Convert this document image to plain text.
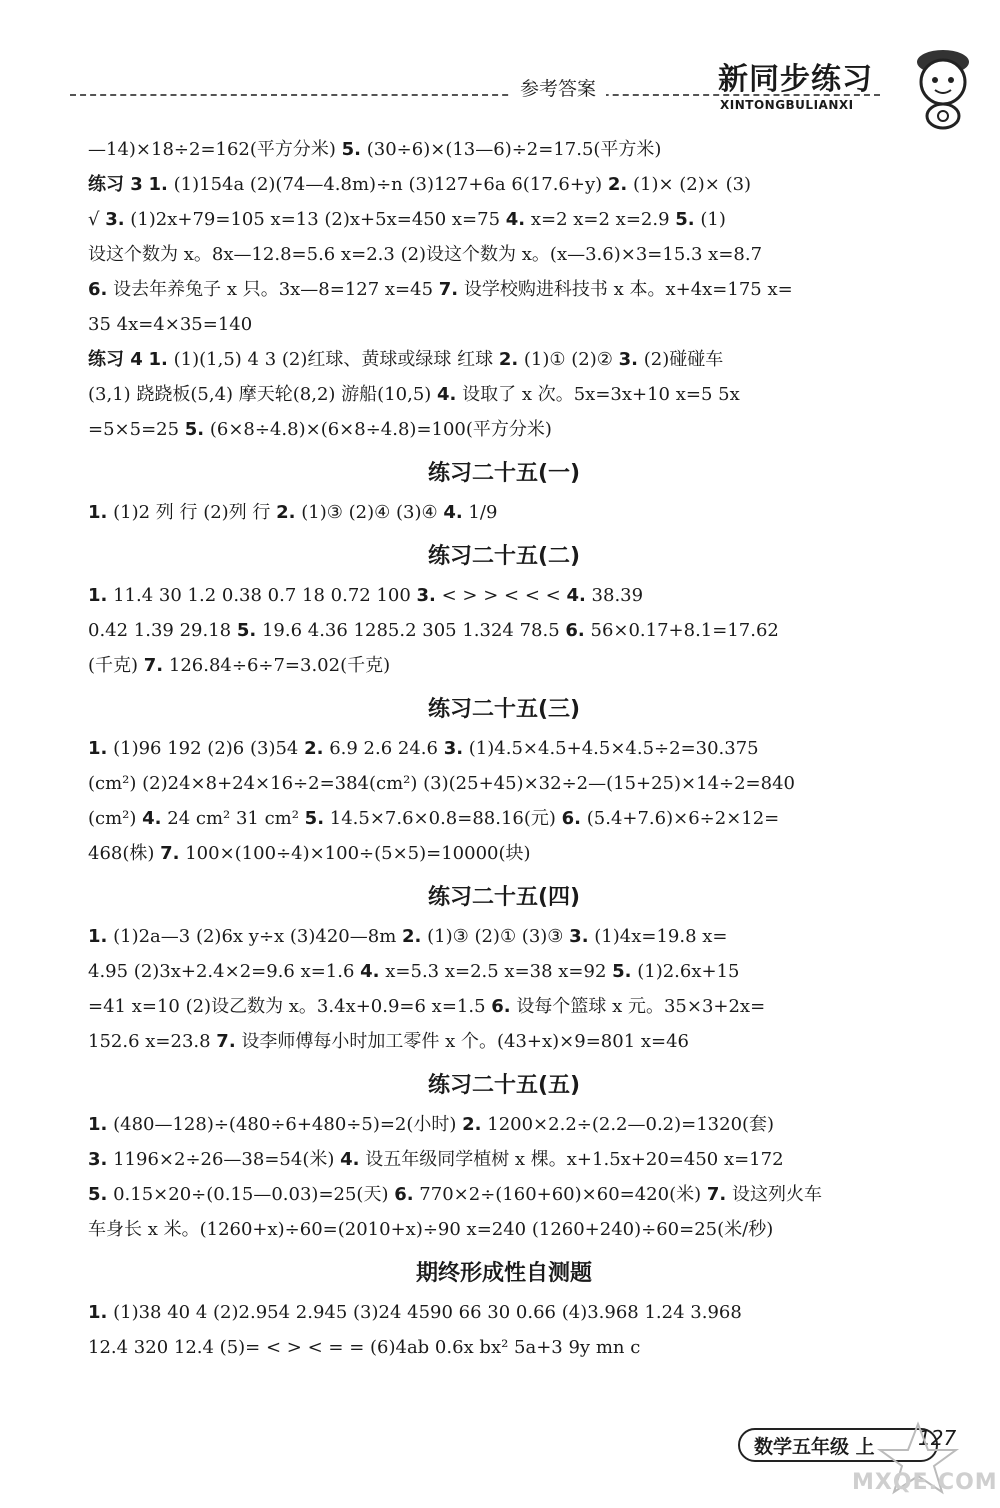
参考答案	新同步练习
XINTONGBULIANXI
—14)×18÷2=162(平方分米) 5. (30÷6)×(13—6)÷2=17.5(平方米)
练习 3 1. (1)154a (2)(74—4.8m)÷n (3)127+6a 6(17.6+y) 2. (1)× (2)× (3)
√ 3. (1)2x+79=105 x=13 (2)x+5x=450 x=75 4. x=2 x=2 x=2.9 5. (1)
设这个数为 x。8x—12.8=5.6 x=2.3 (2)设这个数为 x。(x—3.6)×3=15.3 x=8.7
6. 设去年养兔子 x 只。3x—8=127 x=45 7. 设学校购进科技书 x 本。x+4x=175 x=
35 4x=4×35=140
练习 4 1. (1)(1,5) 4 3 (2)红球、黄球或绿球 红球 2. (1)① (2)② 3. (2)碰碰车
(3,1) 跷跷板(5,4) 摩天轮(8,2) 游船(10,5) 4. 设取了 x 次。5x=3x+10 x=5 5x
=5×5=25 5. (6×8÷4.8)×(6×8÷4.8)=100(平方分米)
练习二十五(一)
1. (1)2 列 行 (2)列 行 2. (1)③ (2)④ (3)④ 4. 1/9
练习二十五(二)
1. 11.4 30 1.2 0.38 0.7 18 0.72 100 3. < > > < < < 4. 38.39
0.42 1.39 29.18 5. 19.6 4.36 1285.2 305 1.324 78.5 6. 56×0.17+8.1=17.62
(千克) 7. 126.84÷6÷7=3.02(千克)
练习二十五(三)
1. (1)96 192 (2)6 (3)54 2. 6.9 2.6 24.6 3. (1)4.5×4.5+4.5×4.5÷2=30.375
(cm²) (2)24×8+24×16÷2=384(cm²) (3)(25+45)×32÷2—(15+25)×14÷2=840
(cm²) 4. 24 cm² 31 cm² 5. 14.5×7.6×0.8=88.16(元) 6. (5.4+7.6)×6÷2×12=
468(株) 7. 100×(100÷4)×100÷(5×5)=10000(块)
练习二十五(四)
1. (1)2a—3 (2)6x y÷x (3)420—8m 2. (1)③ (2)① (3)③ 3. (1)4x=19.8 x=
4.95 (2)3x+2.4×2=9.6 x=1.6 4. x=5.3 x=2.5 x=38 x=92 5. (1)2.6x+15
=41 x=10 (2)设乙数为 x。3.4x+0.9=6 x=1.5 6. 设每个篮球 x 元。35×3+2x=
152.6 x=23.8 7. 设李师傅每小时加工零件 x 个。(43+x)×9=801 x=46
练习二十五(五)
1. (480—128)÷(480÷6+480÷5)=2(小时) 2. 1200×2.2÷(2.2—0.2)=1320(套)
3. 1196×2÷26—38=54(米) 4. 设五年级同学植树 x 棵。x+1.5x+20=450 x=172
5. 0.15×20÷(0.15—0.03)=25(天) 6. 770×2÷(160+60)×60=420(米) 7. 设这列火车
车身长 x 米。(1260+x)÷60=(2010+x)÷90 x=240 (1260+240)÷60=25(米/秒)
期终形成性自测题
1. (1)38 40 4 (2)2.954 2.945 (3)24 4590 66 30 0.66 (4)3.968 1.24 3.968
12.4 320 12.4 (5)= < > < = = (6)4ab 0.6x bx² 5a+3 9y mn c
数学五年级 上	127
MXQE.COM
